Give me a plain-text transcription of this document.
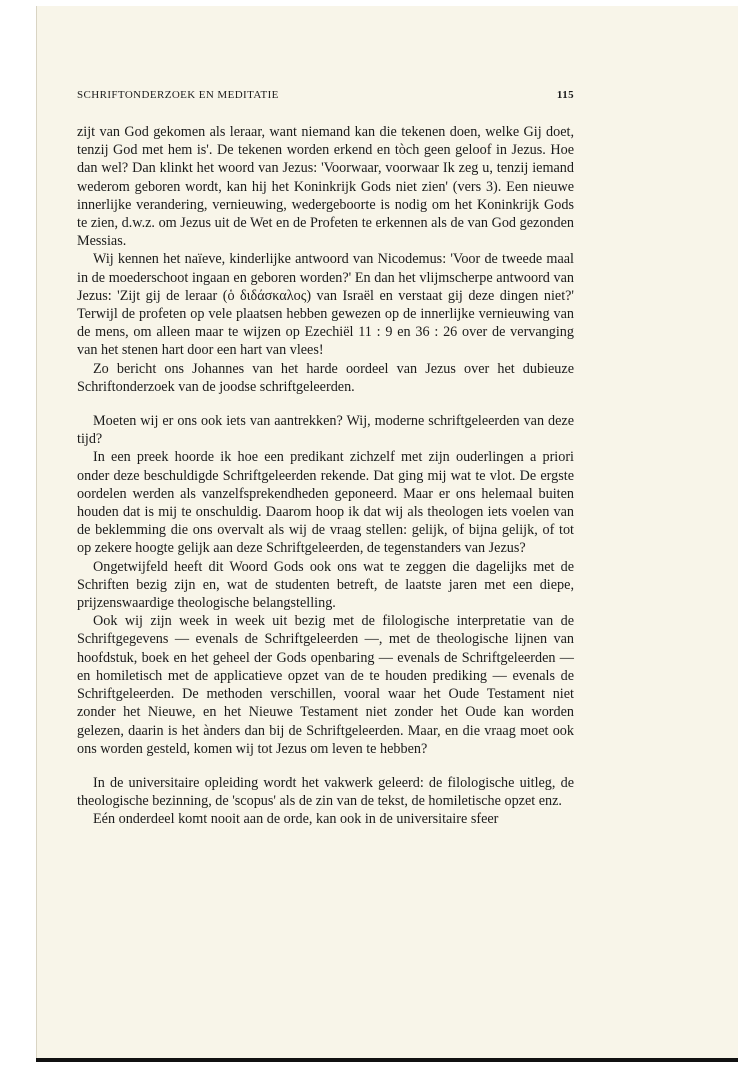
SCHRIFTONDERZOEK EN MEDITATIE	115

zijt van God gekomen als leraar, want niemand kan die tekenen doen, welke Gij doet, tenzij God met hem is'. De tekenen worden erkend en tòch geen geloof in Jezus. Hoe dan wel? Dan klinkt het woord van Jezus: 'Voorwaar, voorwaar Ik zeg u, tenzij iemand wederom geboren wordt, kan hij het Koninkrijk Gods niet zien' (vers 3). Een nieuwe innerlijke verandering, vernieuwing, wedergeboorte is nodig om het Koninkrijk Gods te zien, d.w.z. om Jezus uit de Wet en de Profeten te erkennen als de van God gezonden Messias.

Wij kennen het naïeve, kinderlijke antwoord van Nicodemus: 'Voor de tweede maal in de moederschoot ingaan en geboren worden?' En dan het vlijmscherpe antwoord van Jezus: 'Zijt gij de leraar (ὁ διδάσκαλος) van Israël en verstaat gij deze dingen niet?' Terwijl de profeten op vele plaatsen hebben gewezen op de innerlijke vernieuwing van de mens, om alleen maar te wijzen op Ezechiël 11 : 9 en 36 : 26 over de vervanging van het stenen hart door een hart van vlees!

Zo bericht ons Johannes van het harde oordeel van Jezus over het dubieuze Schriftonderzoek van de joodse schriftgeleerden.

Moeten wij er ons ook iets van aantrekken? Wij, moderne schriftgeleerden van deze tijd?

In een preek hoorde ik hoe een predikant zichzelf met zijn ouderlingen a priori onder deze beschuldigde Schriftgeleerden rekende. Dat ging mij wat te vlot. De ergste oordelen werden als vanzelfsprekendheden geponeerd. Maar er ons helemaal buiten houden dat is mij te onschuldig. Daarom hoop ik dat wij als theologen iets voelen van de beklemming die ons overvalt als wij de vraag stellen: gelijk, of bijna gelijk, of tot op zekere hoogte gelijk aan deze Schriftgeleerden, de tegenstanders van Jezus?

Ongetwijfeld heeft dit Woord Gods ook ons wat te zeggen die dagelijks met de Schriften bezig zijn en, wat de studenten betreft, de laatste jaren met een diepe, prijzenswaardige theologische belangstelling.

Ook wij zijn week in week uit bezig met de filologische interpretatie van de Schriftgegevens — evenals de Schriftgeleerden —, met de theologische lijnen van hoofdstuk, boek en het geheel der Gods openbaring — evenals de Schriftgeleerden — en homiletisch met de applicatieve opzet van de te houden prediking — evenals de Schriftgeleerden. De methoden verschillen, vooral waar het Oude Testament niet zonder het Nieuwe, en het Nieuwe Testament niet zonder het Oude kan worden gelezen, daarin is het ànders dan bij de Schriftgeleerden. Maar, en die vraag moet ook ons worden gesteld, komen wij tot Jezus om leven te hebben?

In de universitaire opleiding wordt het vakwerk geleerd: de filologische uitleg, de theologische bezinning, de 'scopus' als de zin van de tekst, de homiletische opzet enz.

Eén onderdeel komt nooit aan de orde, kan ook in de universitaire sfeer
